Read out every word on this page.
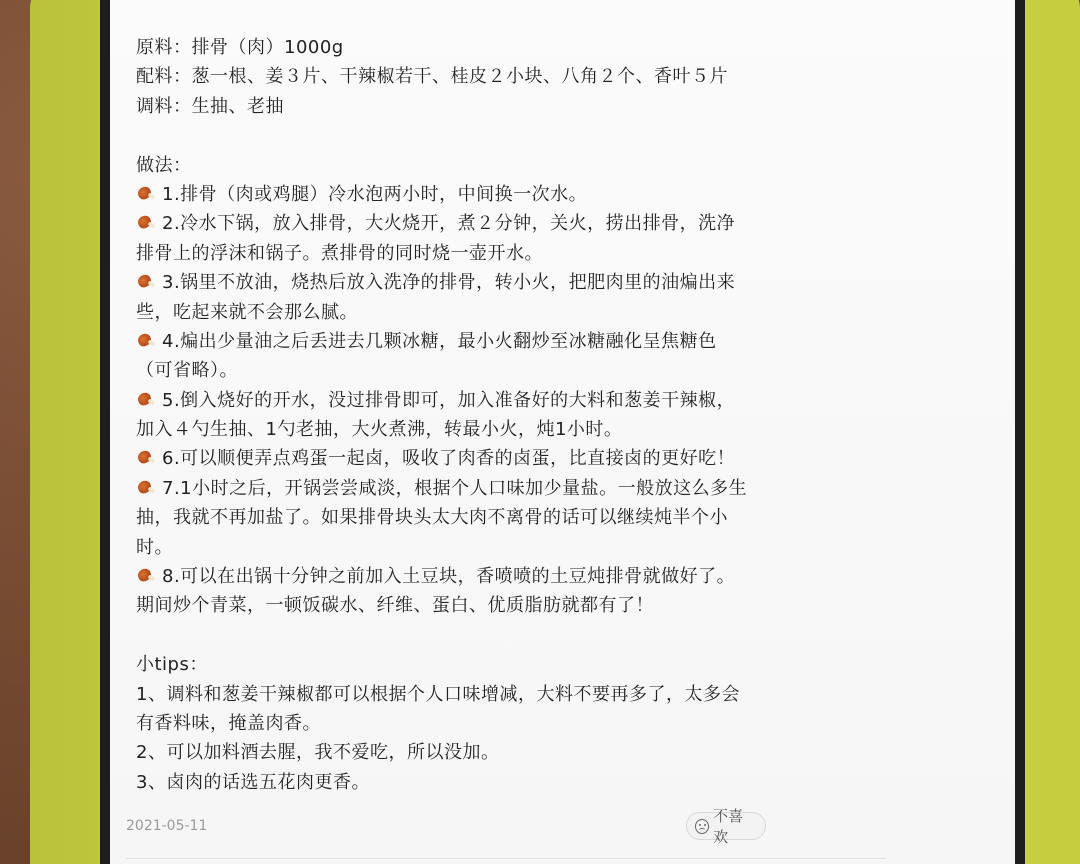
原料：排骨（肉）1000g
配料：葱一根、姜３片、干辣椒若干、桂皮２小块、八角２个、香叶５片
调料：生抽、老抽
做法：
1.排骨（肉或鸡腿）冷水泡两小时，中间换一次水。
2.冷水下锅，放入排骨，大火烧开，煮２分钟，关火，捞出排骨，洗净
排骨上的浮沫和锅子。煮排骨的同时烧一壶开水。
3.锅里不放油，烧热后放入洗净的排骨，转小火，把肥肉里的油煸出来
些，吃起来就不会那么腻。
4.煸出少量油之后丢进去几颗冰糖，最小火翻炒至冰糖融化呈焦糖色
（可省略）。
5.倒入烧好的开水，没过排骨即可，加入准备好的大料和葱姜干辣椒，
加入４勺生抽、1勺老抽，大火煮沸，转最小火，炖1小时。
6.可以顺便弄点鸡蛋一起卤，吸收了肉香的卤蛋，比直接卤的更好吃！
7.1小时之后，开锅尝尝咸淡，根据个人口味加少量盐。一般放这么多生
抽，我就不再加盐了。如果排骨块头太大肉不离骨的话可以继续炖半个小
时。
8.可以在出锅十分钟之前加入土豆块，香喷喷的土豆炖排骨就做好了。
期间炒个青菜，一顿饭碳水、纤维、蛋白、优质脂肪就都有了！
小tips：
1、调料和葱姜干辣椒都可以根据个人口味增减，大料不要再多了，太多会
有香料味，掩盖肉香。
2、可以加料酒去腥，我不爱吃，所以没加。
3、卤肉的话选五花肉更香。
2021-05-11
不喜欢
